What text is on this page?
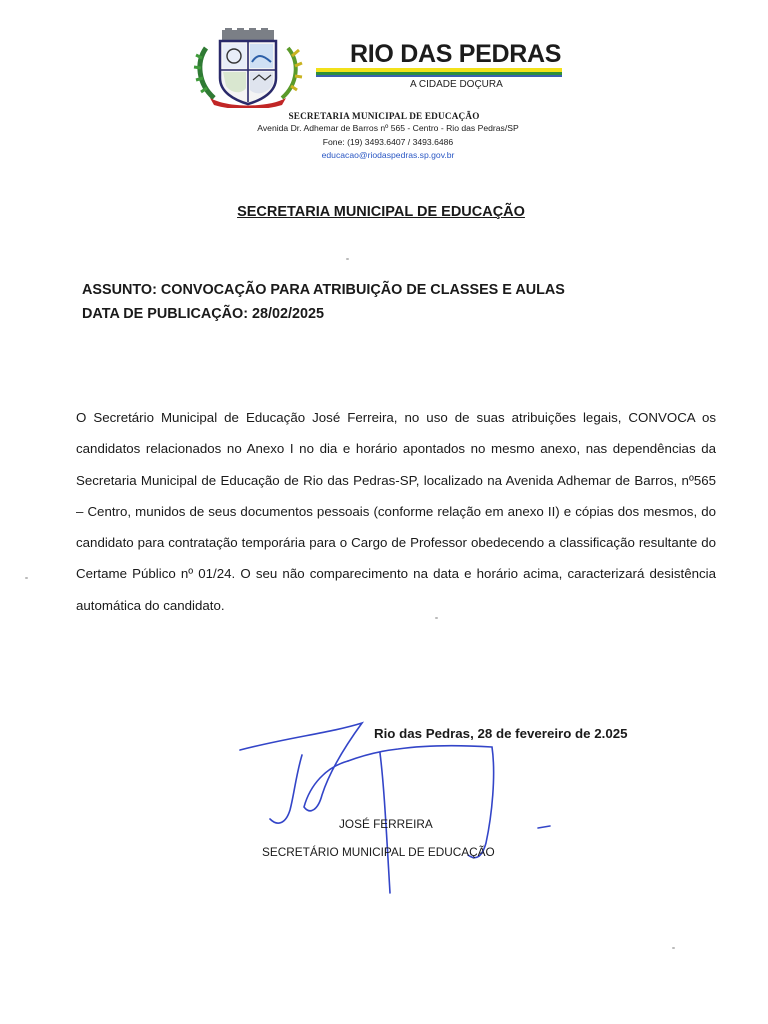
RIO DAS PEDRAS
A CIDADE DOÇURA
SECRETARIA MUNICIPAL DE EDUCAÇÃO
Avenida Dr. Adhemar de Barros nº 565 - Centro - Rio das Pedras/SP
Fone: (19) 3493.6407 / 3493.6486
educacao@riodaspedras.sp.gov.br
SECRETARIA MUNICIPAL DE EDUCAÇÃO
ASSUNTO: CONVOCAÇÃO PARA ATRIBUIÇÃO DE CLASSES E AULAS
DATA DE PUBLICAÇÃO: 28/02/2025
O Secretário Municipal de Educação José Ferreira, no uso de suas atribuições legais, CONVOCA os candidatos relacionados no Anexo I no dia e horário apontados no mesmo anexo, nas dependências da Secretaria Municipal de Educação de Rio das Pedras-SP, localizado na Avenida Adhemar de Barros, nº565 – Centro, munidos de seus documentos pessoais (conforme relação em anexo II) e cópias dos mesmos, do candidato para contratação temporária para o Cargo de Professor obedecendo a classificação resultante do Certame Público nº 01/24. O seu não comparecimento na data e horário acima, caracterizará desistência automática do candidato.
Rio das Pedras, 28 de fevereiro de 2.025
JOSÉ FERREIRA
SECRETÁRIO MUNICIPAL DE EDUCAÇÃO
